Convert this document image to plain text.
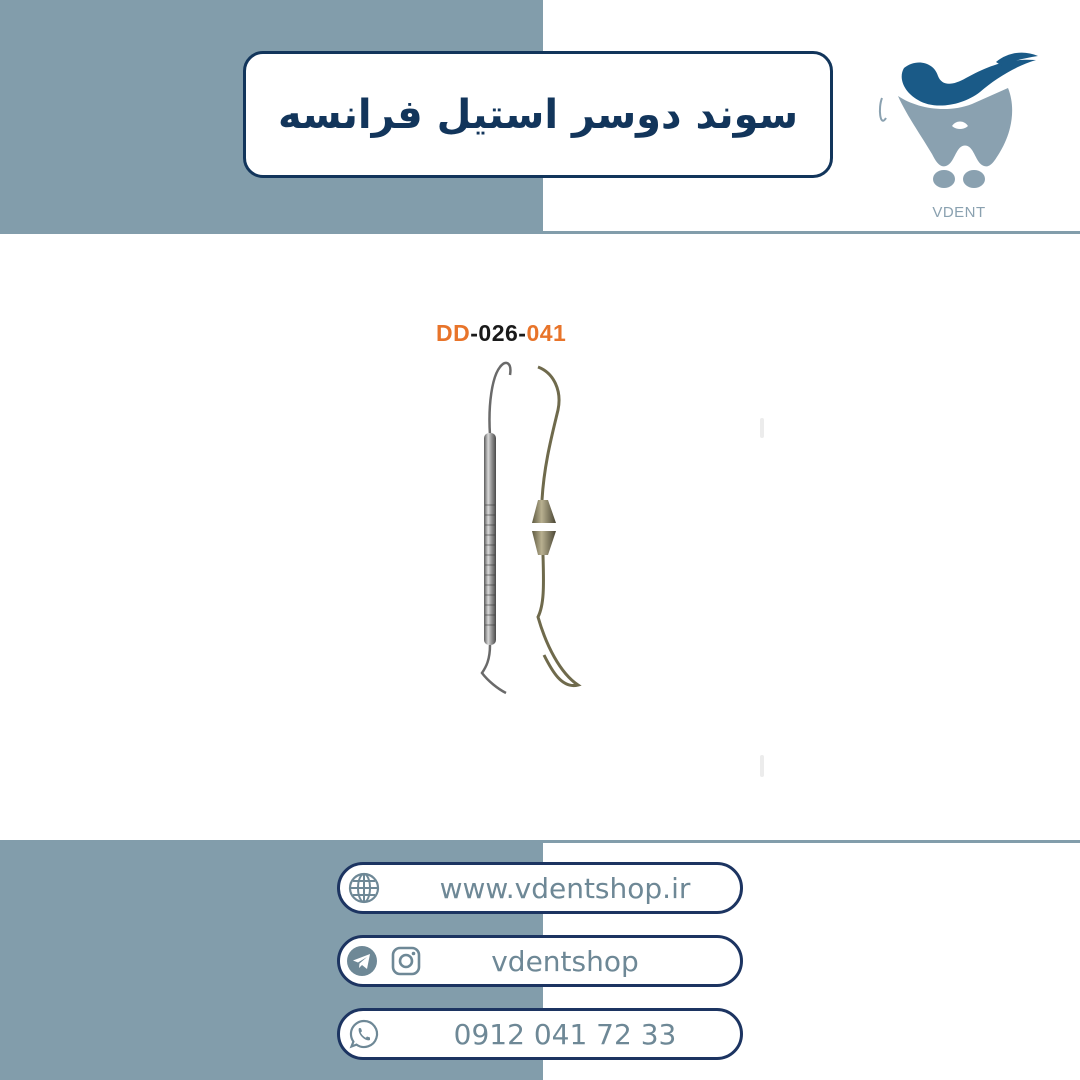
سوند دوسر استیل فرانسه
VDENT
DD-026-041
www.vdentshop.ir
vdentshop
0912 041 72 33
